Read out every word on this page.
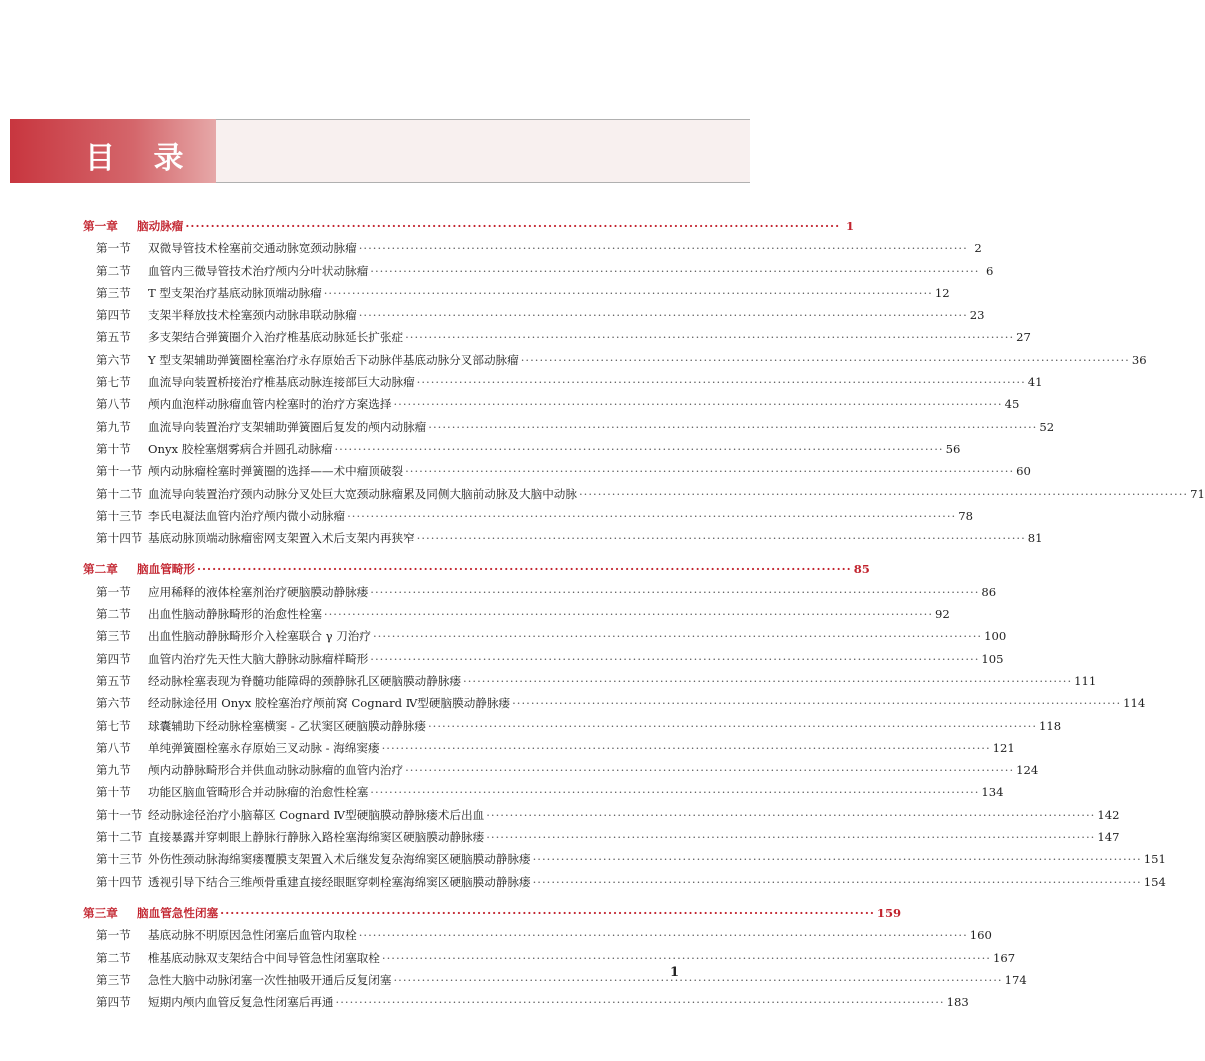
目 录
第一章	脑动脉瘤 ·····	1
第一节	双微导管技术栓塞前交通动脉宽颈动脉瘤 ·····	2
第二节	血管内三微导管技术治疗颅内分叶状动脉瘤 ·····	6
第三节	T 型支架治疗基底动脉顶端动脉瘤 ·····	12
第四节	支架半释放技术栓塞颈内动脉串联动脉瘤 ·····	23
第五节	多支架结合弹簧圈介入治疗椎基底动脉延长扩张症 ·····	27
第六节	Y 型支架辅助弹簧圈栓塞治疗永存原始舌下动脉伴基底动脉分叉部动脉瘤 ·····	36
第七节	血流导向装置桥接治疗椎基底动脉连接部巨大动脉瘤 ·····	41
第八节	颅内血泡样动脉瘤血管内栓塞时的治疗方案选择 ·····	45
第九节	血流导向装置治疗支架辅助弹簧圈后复发的颅内动脉瘤 ·····	52
第十节	Onyx 胶栓塞烟雾病合并圆孔动脉瘤 ·····	56
第十一节 颅内动脉瘤栓塞时弹簧圈的选择——术中瘤顶破裂 ·····	60
第十二节 血流导向装置治疗颈内动脉分叉处巨大宽颈动脉瘤累及同侧大脑前动脉及大脑中动脉 ·····	71
第十三节 李氏电凝法血管内治疗颅内微小动脉瘤 ·····	78
第十四节 基底动脉顶端动脉瘤密网支架置入术后支架内再狭窄 ·····	81
第二章	脑血管畸形 ·····	85
第一节	应用稀释的液体栓塞剂治疗硬脑膜动静脉瘘 ·····	86
第二节	出血性脑动静脉畸形的治愈性栓塞 ·····	92
第三节	出血性脑动静脉畸形介入栓塞联合 γ 刀治疗 ·····	100
第四节	血管内治疗先天性大脑大静脉动脉瘤样畸形 ·····	105
第五节	经动脉栓塞表现为脊髓功能障碍的颈静脉孔区硬脑膜动静脉瘘 ·····	111
第六节	经动脉途径用 Onyx 胶栓塞治疗颅前窝 Cognard Ⅳ型硬脑膜动静脉瘘 ·····	114
第七节	球囊辅助下经动脉栓塞横窦 - 乙状窦区硬脑膜动静脉瘘 ·····	118
第八节	单纯弹簧圈栓塞永存原始三叉动脉 - 海绵窦瘘 ·····	121
第九节	颅内动静脉畸形合并供血动脉动脉瘤的血管内治疗 ·····	124
第十节	功能区脑血管畸形合并动脉瘤的治愈性栓塞 ·····	134
第十一节 经动脉途径治疗小脑幕区 Cognard Ⅳ型硬脑膜动静脉瘘术后出血 ·····	142
第十二节 直接暴露并穿刺眼上静脉行静脉入路栓塞海绵窦区硬脑膜动静脉瘘 ·····	147
第十三节 外伤性颈动脉海绵窦瘘覆膜支架置入术后继发复杂海绵窦区硬脑膜动静脉瘘 ·····	151
第十四节 透视引导下结合三维颅骨重建直接经眼眶穿刺栓塞海绵窦区硬脑膜动静脉瘘 ·····	154
第三章	脑血管急性闭塞 ·····	159
第一节	基底动脉不明原因急性闭塞后血管内取栓 ·····	160
第二节	椎基底动脉双支架结合中间导管急性闭塞取栓 ·····	167
第三节	急性大脑中动脉闭塞一次性抽吸开通后反复闭塞 ·····	174
第四节	短期内颅内血管反复急性闭塞后再通 ·····	183
1
